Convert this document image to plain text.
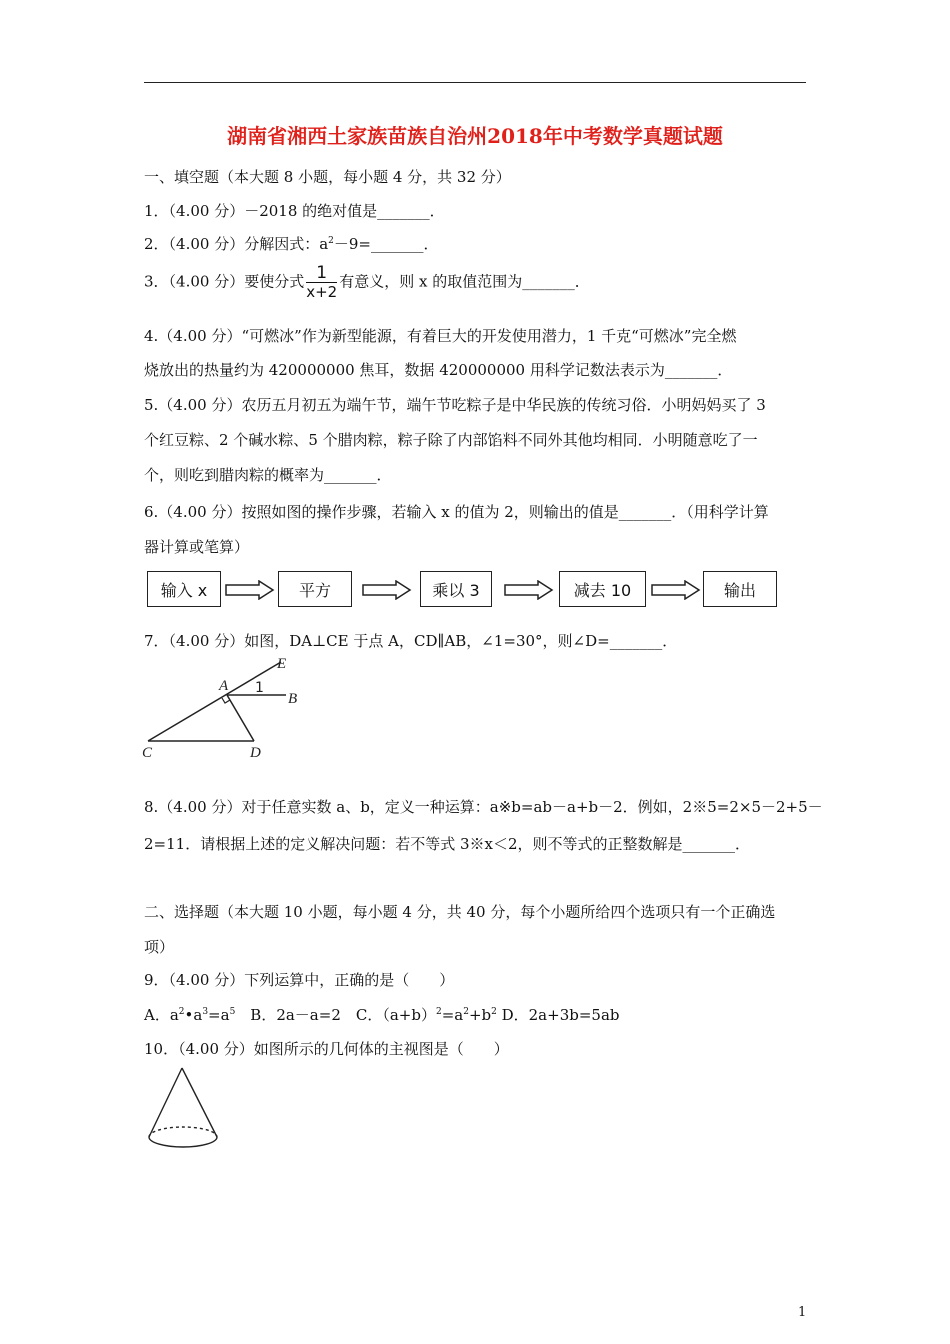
湖南省湘西土家族苗族自治州2018年中考数学真题试题
一、填空题（本大题 8 小题，每小题 4 分，共 32 分）
1．（4.00 分）－2018 的绝对值是_______．
2．（4.00 分）分解因式：$a^2-9=\_\_\_\_\_\_\_$．
3．（4.00 分）要使分式 $\frac{1}{x+2}$ 有意义，则 x 的取值范围为_______．
4.（4.00 分）“可燃冰”作为新型能源，有着巨大的开发使用潜力，1 千克“可燃冰”完全燃
烧放出的热量约为 420000000 焦耳，数据 420000000 用科学记数法表示为_______．
5.（4.00 分）农历五月初五为端午节，端午节吃粽子是中华民族的传统习俗．小明妈妈买了 3
个红豆粽、2 个碱水粽、5 个腊肉粽，粽子除了内部馅料不同外其他均相同．小明随意吃了一
个，则吃到腊肉粽的概率为_______．
6.（4.00 分）按照如图的操作步骤，若输入 x 的值为 2，则输出的值是_______．（用科学计算
器计算或笔算）
输入 x	平方	乘以 3	减去 10	输出
7．（4.00 分）如图，DA⊥CE 于点 A，CD∥AB，∠1=30°，则∠D=_______．
E
A
B
C	D
1
8.（4.00 分）对于任意实数 a、b，定义一种运算：a※b=ab－a+b－2．例如，2※5=2×5－2+5－
2=11．请根据上述的定义解决问题：若不等式 3※x＜2，则不等式的正整数解是_______．
二、选择题（本大题 10 小题，每小题 4 分，共 40 分，每个小题所给四个选项只有一个正确选
项）
9．（4.00 分）下列运算中，正确的是（　　）
A．$a^2•a^3=a^5$　B．2a－a=2　C．$(a+b)^2=a^2+b^2$ D．2a+3b=5ab
10．（4.00 分）如图所示的几何体的主视图是（　　）
1
